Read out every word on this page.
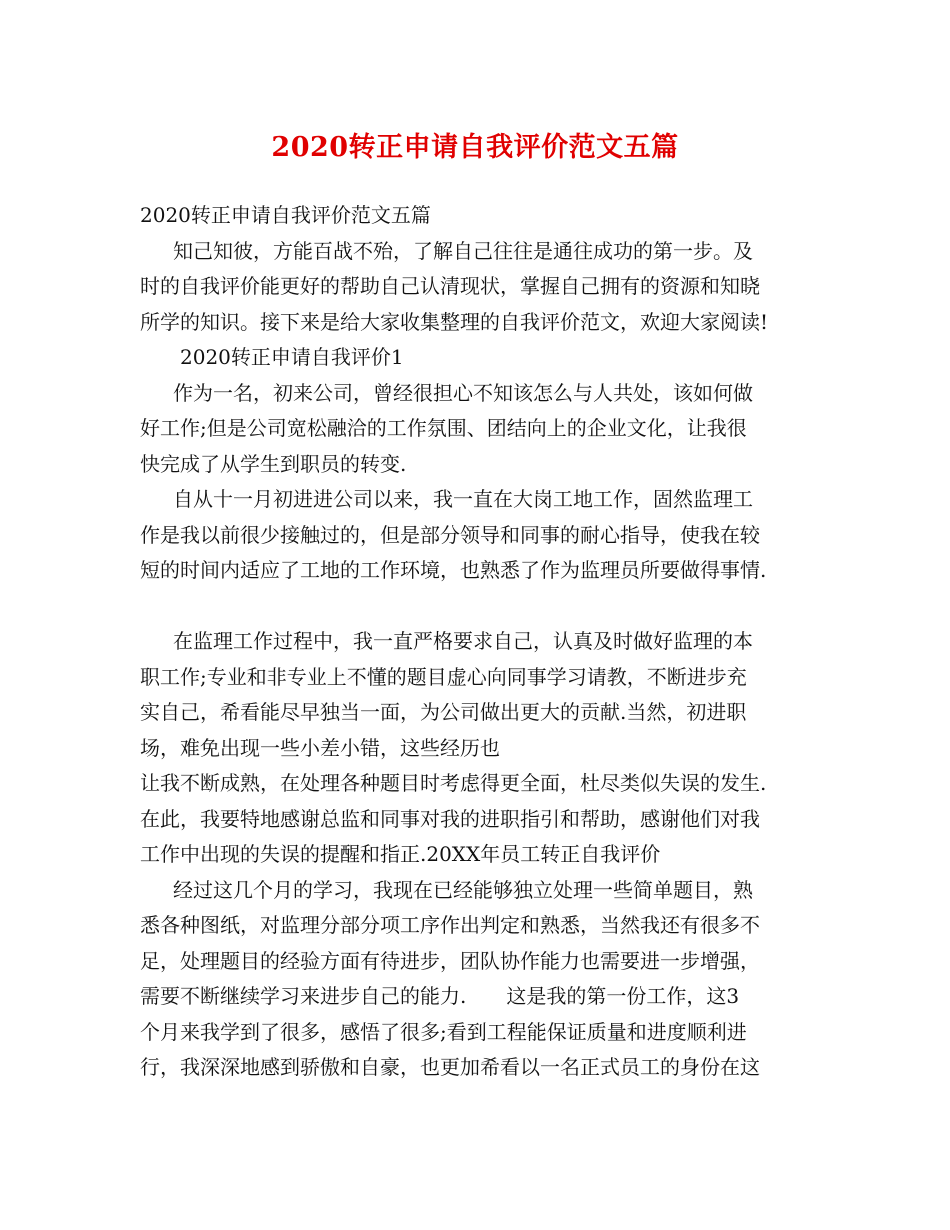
2020转正申请自我评价范文五篇
2020转正申请自我评价范文五篇
知己知彼，方能百战不殆，了解自己往往是通往成功的第一步。及
时的自我评价能更好的帮助自己认清现状，掌握自己拥有的资源和知晓
所学的知识。接下来是给大家收集整理的自我评价范文，欢迎大家阅读!
2020转正申请自我评价1
作为一名，初来公司，曾经很担心不知该怎么与人共处，该如何做
好工作;但是公司宽松融洽的工作氛围、团结向上的企业文化，让我很
快完成了从学生到职员的转变.
自从十一月初进进公司以来，我一直在大岗工地工作，固然监理工
作是我以前很少接触过的，但是部分领导和同事的耐心指导，使我在较
短的时间内适应了工地的工作环境，也熟悉了作为监理员所要做得事情.
在监理工作过程中，我一直严格要求自己，认真及时做好监理的本
职工作;专业和非专业上不懂的题目虚心向同事学习请教，不断进步充
实自己，希看能尽早独当一面，为公司做出更大的贡献.当然，初进职
场，难免出现一些小差小错，这些经历也
让我不断成熟，在处理各种题目时考虑得更全面，杜尽类似失误的发生.
在此，我要特地感谢总监和同事对我的进职指引和帮助，感谢他们对我
工作中出现的失误的提醒和指正.20XX年员工转正自我评价
经过这几个月的学习，我现在已经能够独立处理一些简单题目，熟
悉各种图纸，对监理分部分项工序作出判定和熟悉，当然我还有很多不
足，处理题目的经验方面有待进步，团队协作能力也需要进一步增强，
需要不断继续学习来进步自己的能力.　　这是我的第一份工作，这3
个月来我学到了很多，感悟了很多;看到工程能保证质量和进度顺利进
行，我深深地感到骄傲和自豪，也更加希看以一名正式员工的身份在这
